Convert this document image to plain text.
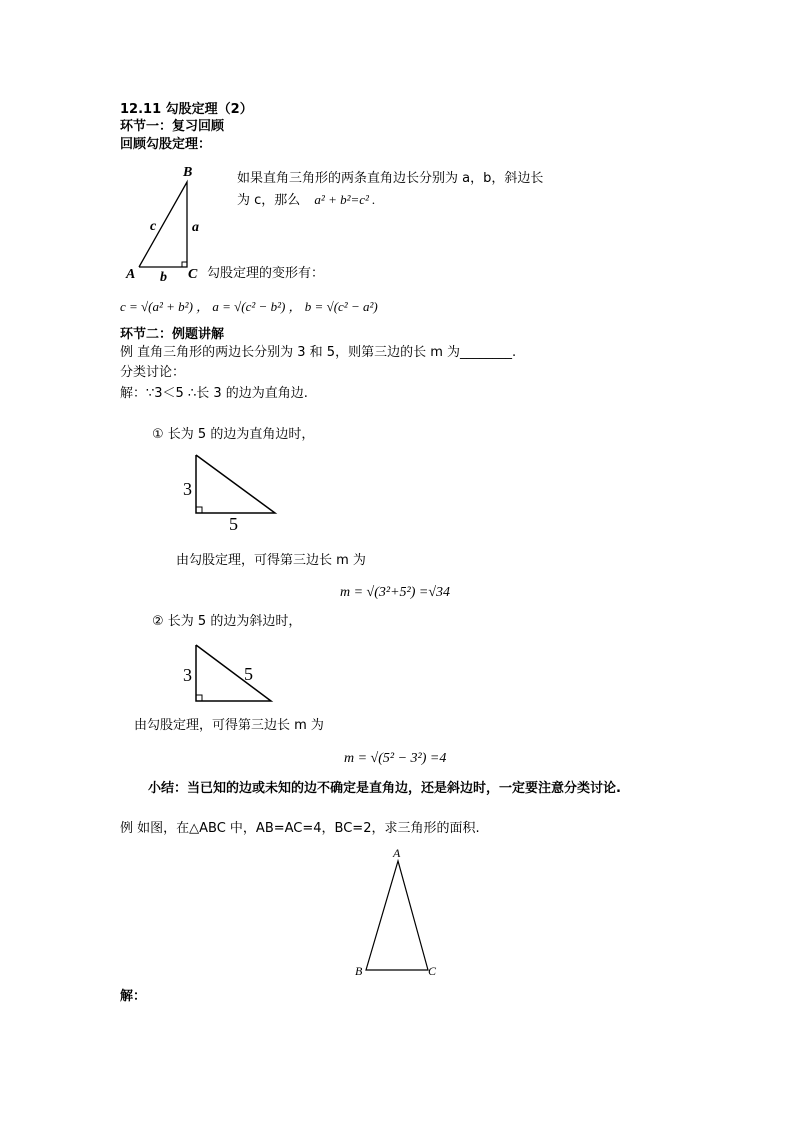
12.11 勾股定理（2）
环节一：复习回顾
回顾勾股定理：
B
A	C
a
b
c
如果直角三角形的两条直角边长分别为 a，b，斜边长
为 c，那么 a² + b²=c² .
勾股定理的变形有：
c = √(a² + b²) ， a = √(c² − b²) ， b = √(c² − a²)
环节二：例题讲解
例 直角三角形的两边长分别为 3 和 5，则第三边的长 m 为________.
分类讨论：
解：∵3＜5 ∴长 3 的边为直角边.
① 长为 5 的边为直角边时，
3
5
由勾股定理，可得第三边长 m 为
m = √(3²+5²) =√34
② 长为 5 的边为斜边时，
3	5
由勾股定理，可得第三边长 m 为
m = √(5² − 3²) =4
小结：当已知的边或未知的边不确定是直角边，还是斜边时，一定要注意分类讨论.
例 如图，在△ABC 中，AB=AC=4，BC=2，求三角形的面积.
A
B	C
解：
